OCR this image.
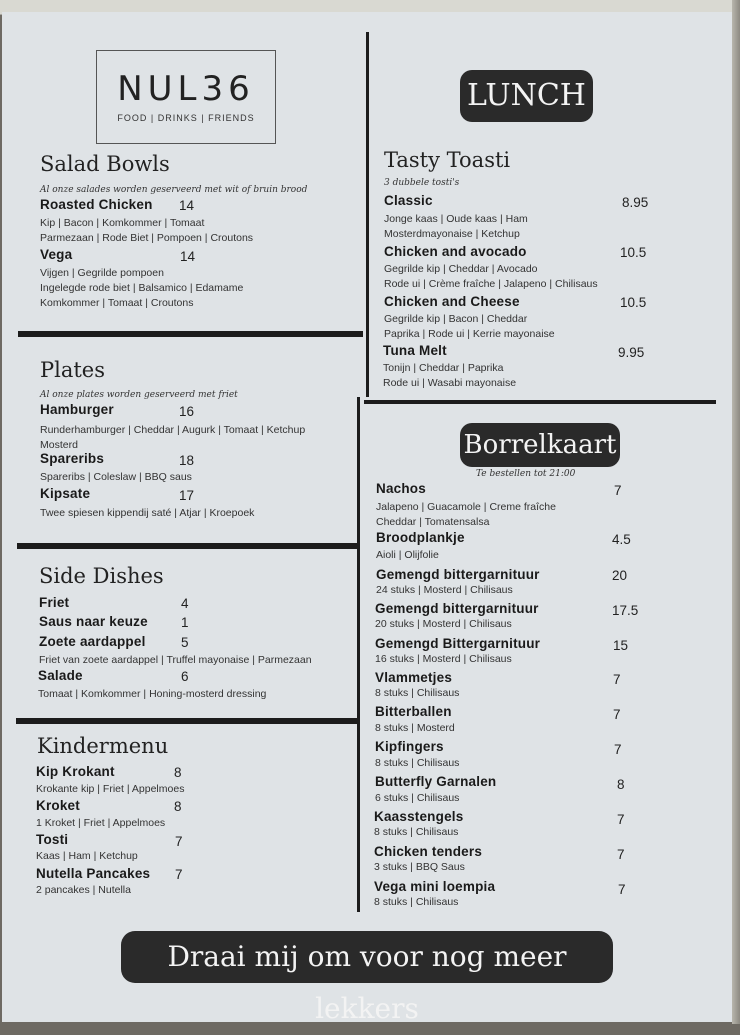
NUL36
FOOD | DRINKS | FRIENDS
Salad Bowls
Al onze salades worden geserveerd met wit of bruin brood
Roasted Chicken 14
Kip | Bacon | Komkommer | Tomaat
Parmezaan | Rode Biet | Pompoen | Croutons
Vega	14
Vijgen | Gegrilde pompoen
Ingelegde rode biet | Balsamico | Edamame
Komkommer | Tomaat | Croutons
Plates
Al onze plates worden geserveerd met friet
Hamburger	16
Runderhamburger | Cheddar | Augurk | Tomaat | Ketchup
Mosterd
Spareribs	18
Spareribs | Coleslaw | BBQ saus
Kipsate	17
Twee spiesen kippendij saté | Atjar | Kroepoek
Side Dishes
Friet	4
Saus naar keuze 1
Zoete aardappel	5
Friet van zoete aardappel | Truffel mayonaise | Parmezaan
Salade	6
Tomaat | Komkommer | Honing-mosterd dressing
Kindermenu
Kip Krokant	8
Krokante kip | Friet | Appelmoes
Kroket	8
1 Kroket | Friet | Appelmoes
Tosti	7
Kaas | Ham | Ketchup
Nutella Pancakes 7
2 pancakes | Nutella
LUNCH
Tasty Toasti
3 dubbele tosti's
Classic	8.95
Jonge kaas | Oude kaas | Ham
Mosterdmayonaise | Ketchup
Chicken and avocado	10.5
Gegrilde kip | Cheddar | Avocado
Rode ui | Crème fraîche | Jalapeno | Chilisaus
Chicken and Cheese	10.5
Gegrilde kip | Bacon | Cheddar
Paprika | Rode ui | Kerrie mayonaise
Tuna Melt	9.95
Tonijn | Cheddar | Paprika
Rode ui | Wasabi mayonaise
Borrelkaart
Te bestellen tot 21:00
Nachos	7
Jalapeno | Guacamole | Creme fraîche
Cheddar | Tomatensalsa
Broodplankje	4.5
Aioli | Olijfolie
Gemengd bittergarnituur	20
24 stuks | Mosterd | Chilisaus
Gemengd bittergarnituur	17.5
20 stuks | Mosterd | Chilisaus
Gemengd Bittergarnituur	15
16 stuks | Mosterd | Chilisaus
Vlammetjes	7
8 stuks | Chilisaus
Bitterballen	7
8 stuks | Mosterd
Kipfingers	7
8 stuks | Chilisaus
Butterfly Garnalen	8
6 stuks | Chilisaus
Kaasstengels	7
8 stuks | Chilisaus
Chicken tenders	7
3 stuks | BBQ Saus
Vega mini loempia	7
8 stuks | Chilisaus
Draai mij om voor nog meer lekkers
